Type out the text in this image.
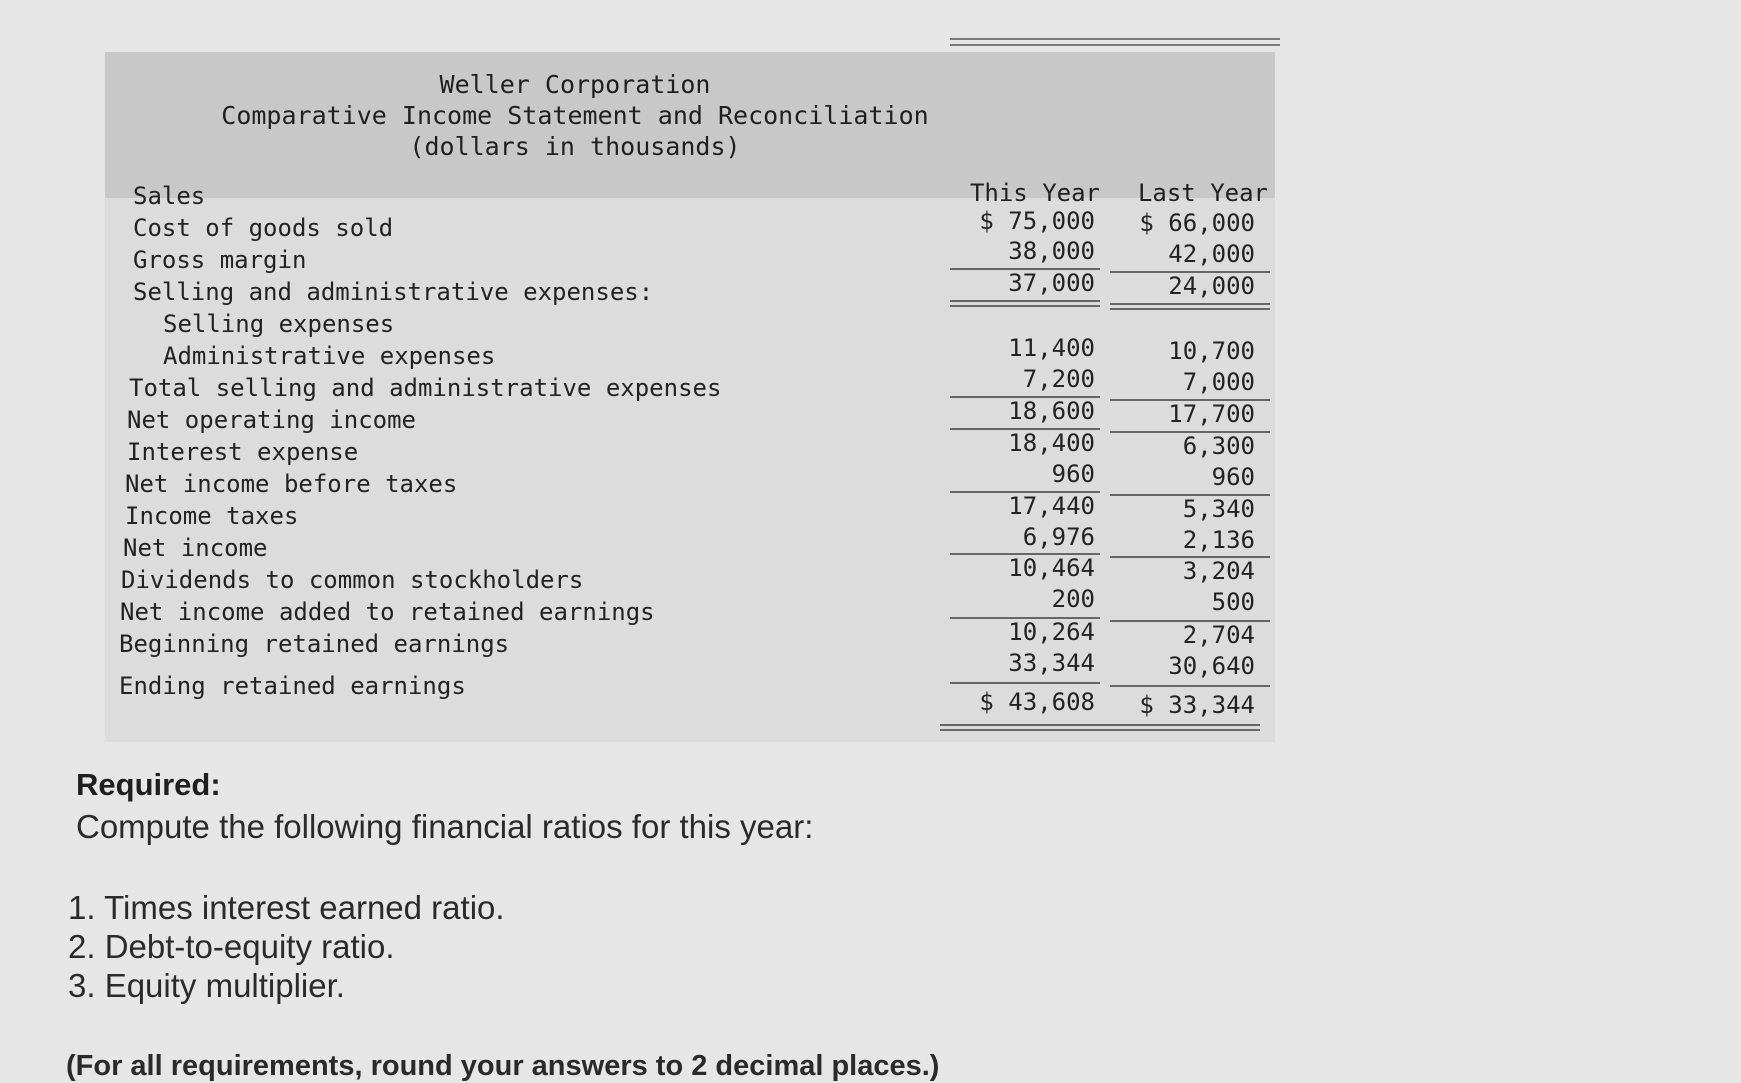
Weller Corporation
Comparative Income Statement and Reconciliation
(dollars in thousands)
This Year	Last Year
Sales
Cost of goods sold
Gross margin
Selling and administrative expenses:
Selling expenses
Administrative expenses
Total selling and administrative expenses
Net operating income
Interest expense
Net income before taxes
Income taxes
Net income
Dividends to common stockholders
Net income added to retained earnings
Beginning retained earnings
Ending retained earnings
$ 75,000
38,000
37,000
11,400
7,200
18,600
18,400
960
17,440
6,976
10,464
200
10,264
33,344
$ 43,608
$ 66,000
42,000
24,000
10,700
7,000
17,700
6,300
960
5,340
2,136
3,204
500
2,704
30,640
$ 33,344
Required:
Compute the following financial ratios for this year:
1. Times interest earned ratio.
2. Debt-to-equity ratio.
3. Equity multiplier.
(For all requirements, round your answers to 2 decimal places.)
